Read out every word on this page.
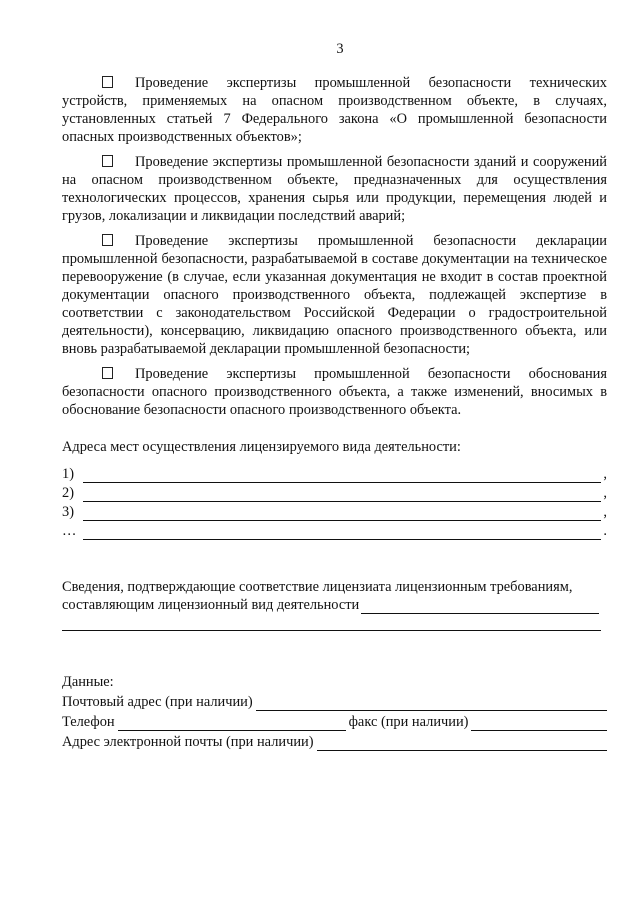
3

Проведение экспертизы промышленной безопасности технических устройств, применяемых на опасном производственном объекте, в случаях, установленных статьей 7 Федерального закона «О промышленной безопасности опасных производственных объектов»;

Проведение экспертизы промышленной безопасности зданий и сооружений на опасном производственном объекте, предназначенных для осуществления технологических процессов, хранения сырья или продукции, перемещения людей и грузов, локализации и ликвидации последствий аварий;

Проведение экспертизы промышленной безопасности декларации промышленной безопасности, разрабатываемой в составе документации на техническое перевооружение (в случае, если указанная документация не входит в состав проектной документации опасного производственного объекта, подлежащей экспертизе в соответствии с законодательством Российской Федерации о градостроительной деятельности), консервацию, ликвидацию опасного производственного объекта, или вновь разрабатываемой декларации промышленной безопасности;

Проведение экспертизы промышленной безопасности обоснования безопасности опасного производственного объекта, а также изменений, вносимых в обоснование безопасности опасного производственного объекта.

Адреса мест осуществления лицензируемого вида деятельности:
1)	,
2)	,
3)	,
…	.
Сведения, подтверждающие соответствие лицензиата лицензионным требованиям,
составляющим лицензионный вид деятельности
Данные:
Почтовый адрес (при наличии)
Телефон	факс (при наличии)
Адрес электронной почты (при наличии)
